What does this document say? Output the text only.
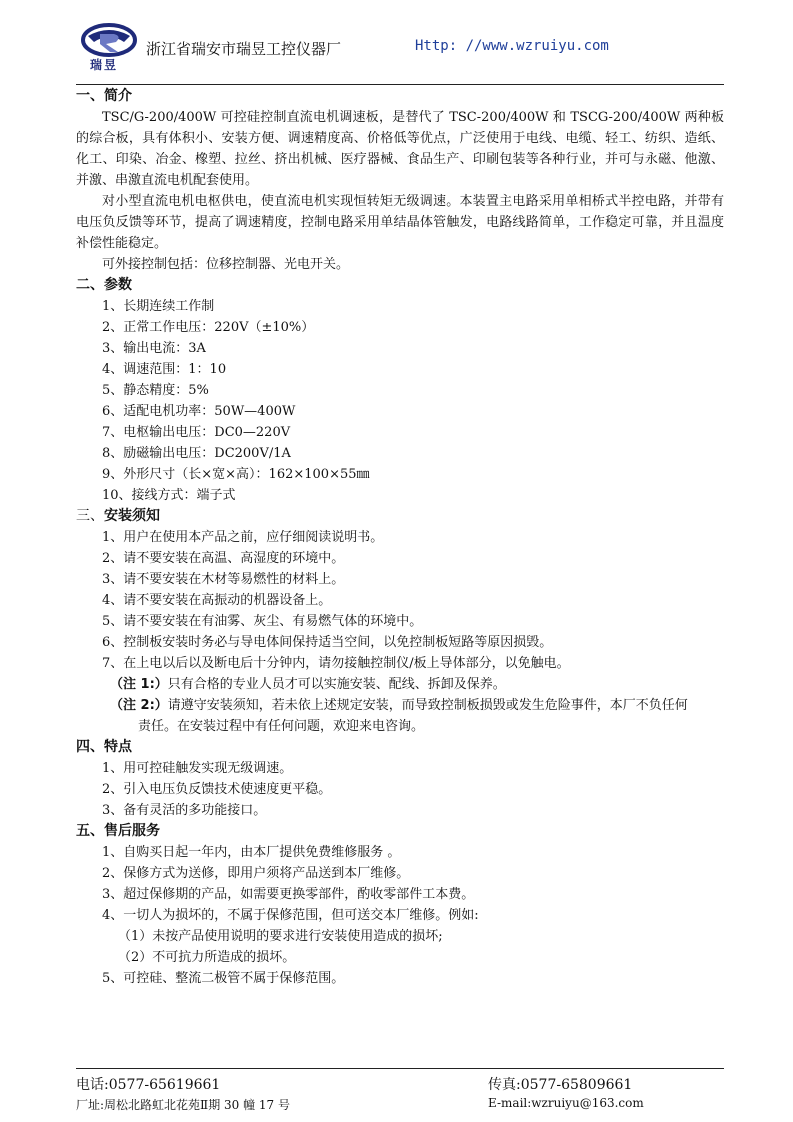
瑞昱
浙江省瑞安市瑞昱工控仪器厂	Http: //www.wzruiyu.com
一、简介

TSC/G-200/400W 可控硅控制直流电机调速板，是替代了 TSC-200/400W 和 TSCG-200/400W 两种板的综合板，具有体积小、安装方便、调速精度高、价格低等优点，广泛使用于电线、电缆、轻工、纺织、造纸、化工、印染、冶金、橡塑、拉丝、挤出机械、医疗器械、食品生产、印刷包装等各种行业，并可与永磁、他激、并激、串激直流电机配套使用。

对小型直流电机电枢供电，使直流电机实现恒转矩无级调速。本装置主电路采用单相桥式半控电路，并带有电压负反馈等环节，提高了调速精度，控制电路采用单结晶体管触发，电路线路简单，工作稳定可靠，并且温度补偿性能稳定。

可外接控制包括：位移控制器、光电开关。

二、参数
1、长期连续工作制
2、正常工作电压：220V（±10%）
3、输出电流：3A
4、调速范围：1：10
5、静态精度：5%
6、适配电机功率：50W—400W
7、电枢输出电压：DC0—220V
8、励磁输出电压：DC200V/1A
9、外形尺寸（长×宽×高）：162×100×55㎜
10、接线方式：端子式
三、安装须知
1、用户在使用本产品之前，应仔细阅读说明书。
2、请不要安装在高温、高湿度的环境中。
3、请不要安装在木材等易燃性的材料上。
4、请不要安装在高振动的机器设备上。
5、请不要安装在有油雾、灰尘、有易燃气体的环境中。
6、控制板安装时务必与导电体间保持适当空间，以免控制板短路等原因损毁。
7、在上电以后以及断电后十分钟内，请勿接触控制仪/板上导体部分，以免触电。
（注 1:）只有合格的专业人员才可以实施安装、配线、拆卸及保养。
（注 2:）请遵守安装须知，若未依上述规定安装，而导致控制板损毁或发生危险事件，本厂不负任何
责任。在安装过程中有任何问题，欢迎来电咨询。
四、特点
1、用可控硅触发实现无级调速。
2、引入电压负反馈技术使速度更平稳。
3、备有灵活的多功能接口。
五、售后服务
1、自购买日起一年内，由本厂提供免费维修服务 。
2、保修方式为送修，即用户须将产品送到本厂维修。
3、超过保修期的产品，如需要更换零部件，酌收零部件工本费。
4、一切人为损坏的，不属于保修范围，但可送交本厂维修。例如:
（1）未按产品使用说明的要求进行安装使用造成的损坏;
（2）不可抗力所造成的损坏。
5、可控硅、整流二极管不属于保修范围。
电话:0577-65619661	传真:0577-65809661
厂址:周松北路虹北花苑Ⅱ期 30 幢 17 号	E-mail:wzruiyu@163.com
